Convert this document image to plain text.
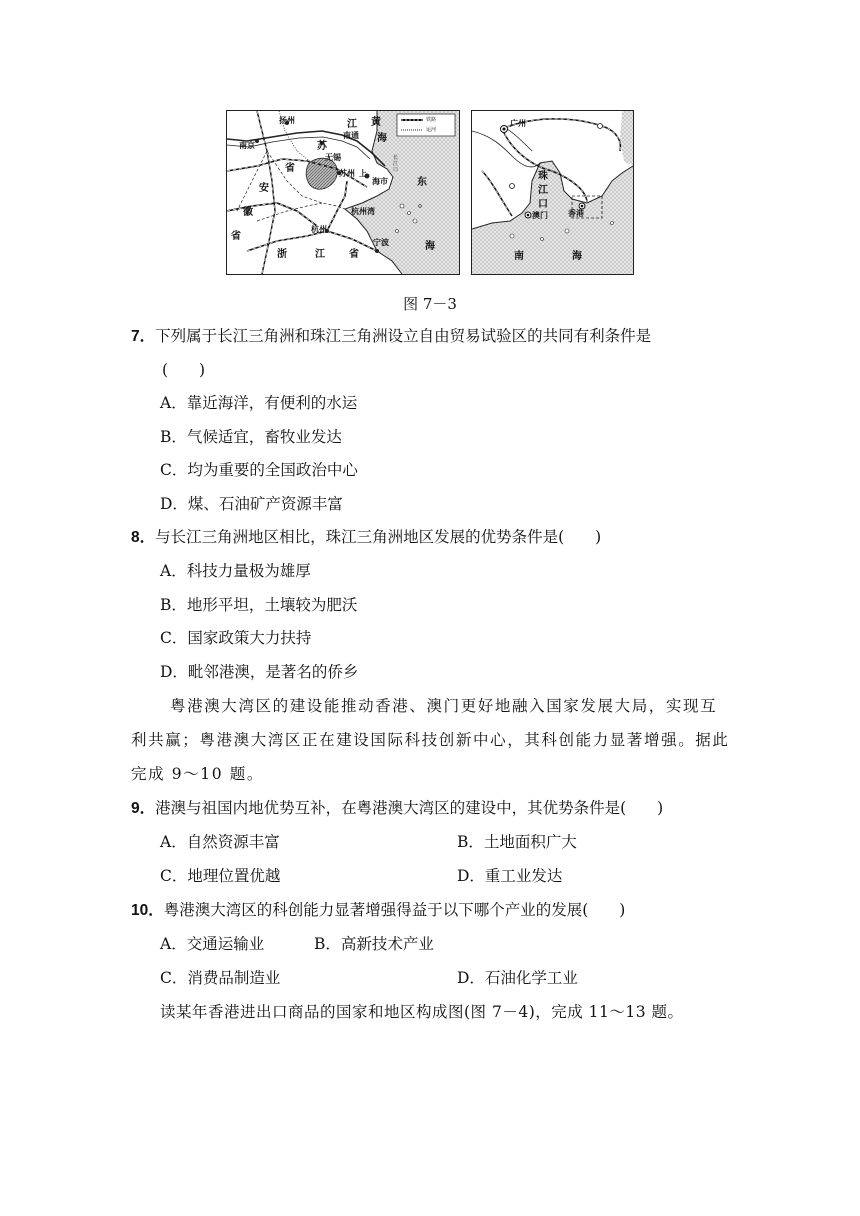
铁路
运河
扬州	江 黄
南通 海
南京	苏
长江口
无锡
省	苏州 上
海市
安
东
徽	杭州湾
省
浙
杭州
江 省
宁波	海
广州
珠
江
口
澳门	香港
南	海
图 7－3
7．下列属于长江三角洲和珠江三角洲设立自由贸易试验区的共同有利条件是
(　　)
A．靠近海洋，有便利的水运
B．气候适宜，畜牧业发达
C．均为重要的全国政治中心
D．煤、石油矿产资源丰富
8．与长江三角洲地区相比，珠江三角洲地区发展的优势条件是(　　)
A．科技力量极为雄厚
B．地形平坦，土壤较为肥沃
C．国家政策大力扶持
D．毗邻港澳，是著名的侨乡
粤港澳大湾区的建设能推动香港、澳门更好地融入国家发展大局，实现互
利共赢；粤港澳大湾区正在建设国际科技创新中心，其科创能力显著增强。据此
完成 9～10 题。
9．港澳与祖国内地优势互补，在粤港澳大湾区的建设中，其优势条件是(　　)
A．自然资源丰富	B．土地面积广大
C．地理位置优越	D．重工业发达
10．粤港澳大湾区的科创能力显著增强得益于以下哪个产业的发展(　　)
A．交通运输业	B．高新技术产业
C．消费品制造业	D．石油化学工业
读某年香港进出口商品的国家和地区构成图(图 7－4)，完成 11～13 题。
